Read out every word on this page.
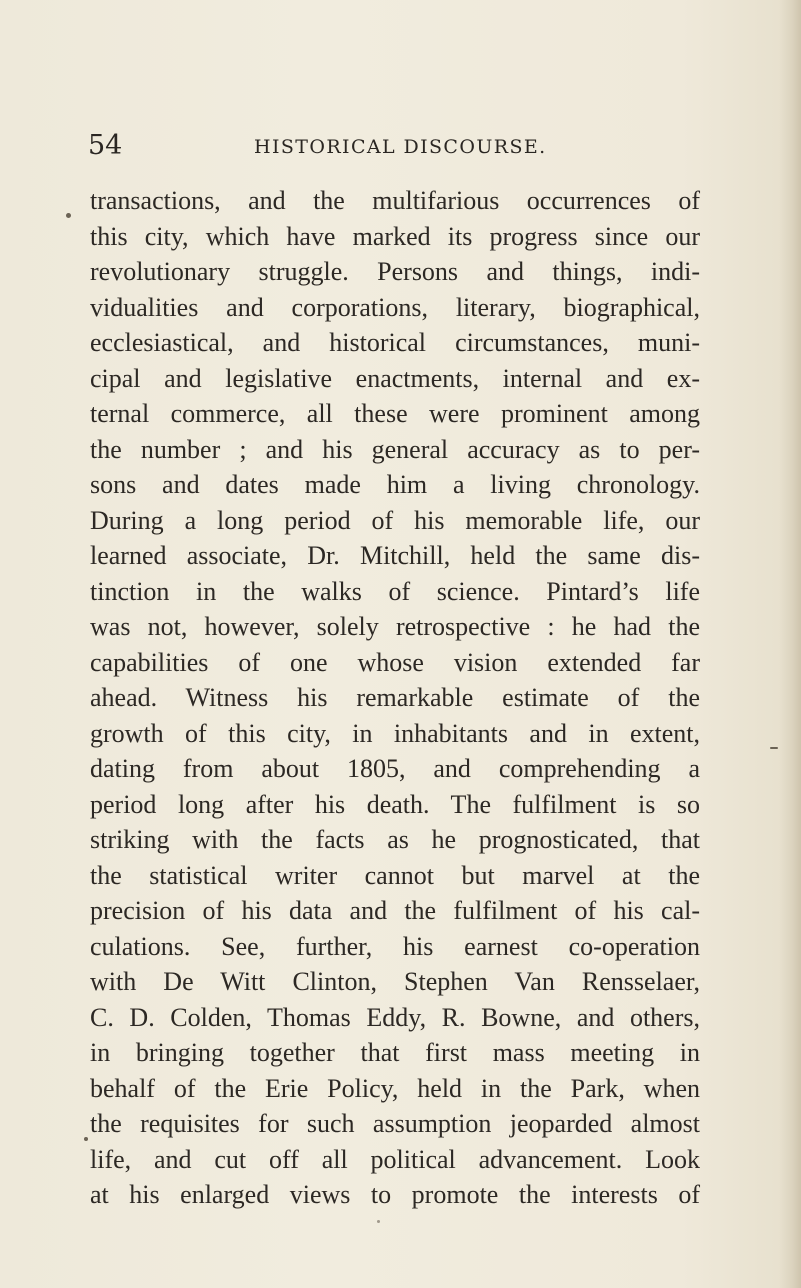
54	HISTORICAL DISCOURSE.
transactions, and the multifarious occurrences of
this city, which have marked its progress since our
revolutionary struggle. Persons and things, indi-
vidualities and corporations, literary, biographical,
ecclesiastical, and historical circumstances, muni-
cipal and legislative enactments, internal and ex-
ternal commerce, all these were prominent among
the number ; and his general accuracy as to per-
sons and dates made him a living chronology.
During a long period of his memorable life, our
learned associate, Dr. Mitchill, held the same dis-
tinction in the walks of science. Pintard’s life
was not, however, solely retrospective : he had the
capabilities of one whose vision extended far
ahead. Witness his remarkable estimate of the
growth of this city, in inhabitants and in extent,
dating from about 1805, and comprehending a
period long after his death. The fulfilment is so
striking with the facts as he prognosticated, that
the statistical writer cannot but marvel at the
precision of his data and the fulfilment of his cal-
culations. See, further, his earnest co-operation
with De Witt Clinton, Stephen Van Rensselaer,
C. D. Colden, Thomas Eddy, R. Bowne, and others,
in bringing together that first mass meeting in
behalf of the Erie Policy, held in the Park, when
the requisites for such assumption jeoparded almost
life, and cut off all political advancement. Look
at his enlarged views to promote the interests of
